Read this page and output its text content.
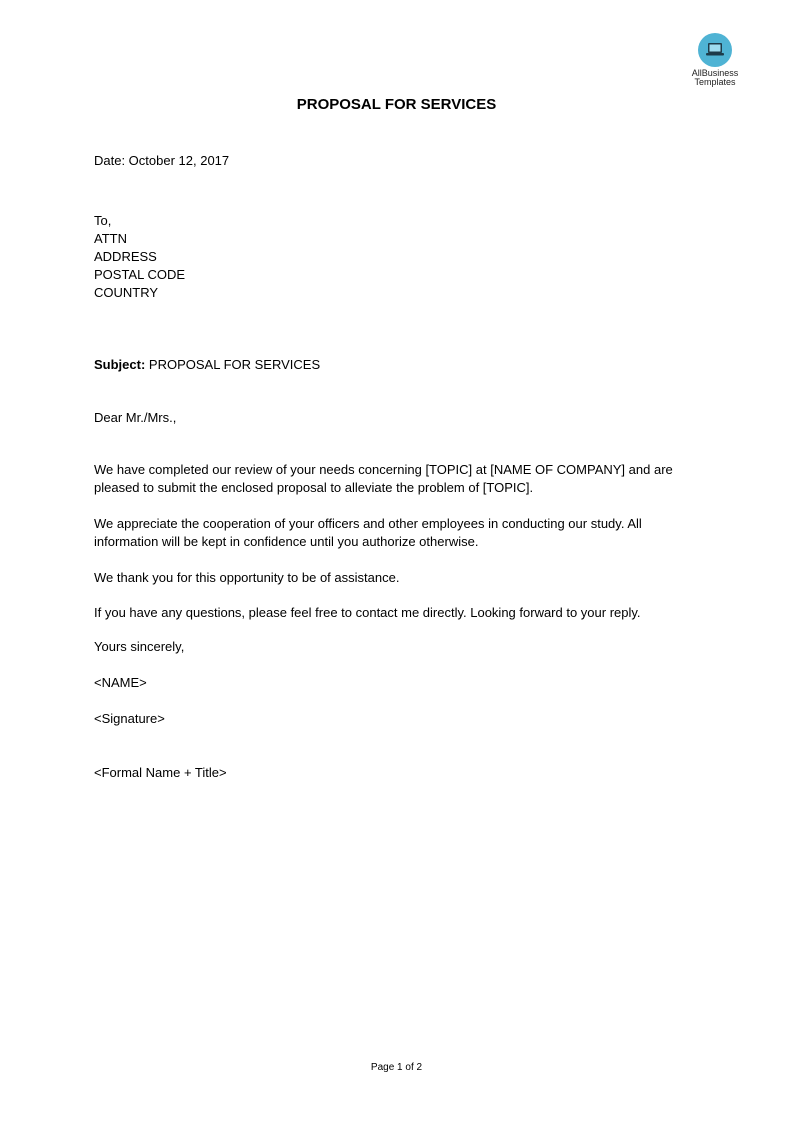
AllBusiness
Templates
PROPOSAL FOR SERVICES
Date: October 12, 2017
To,
ATTN
ADDRESS
POSTAL CODE
COUNTRY
Subject: PROPOSAL FOR SERVICES
Dear Mr./Mrs.,
We have completed our review of your needs concerning [TOPIC] at [NAME OF COMPANY] and are pleased to submit the enclosed proposal to alleviate the problem of [TOPIC].
We appreciate the cooperation of your officers and other employees in conducting our study. All information will be kept in confidence until you authorize otherwise.
We thank you for this opportunity to be of assistance.
If you have any questions, please feel free to contact me directly. Looking forward to your reply.
Yours sincerely,
<NAME>
<Signature>
<Formal Name + Title>
Page 1 of 2
